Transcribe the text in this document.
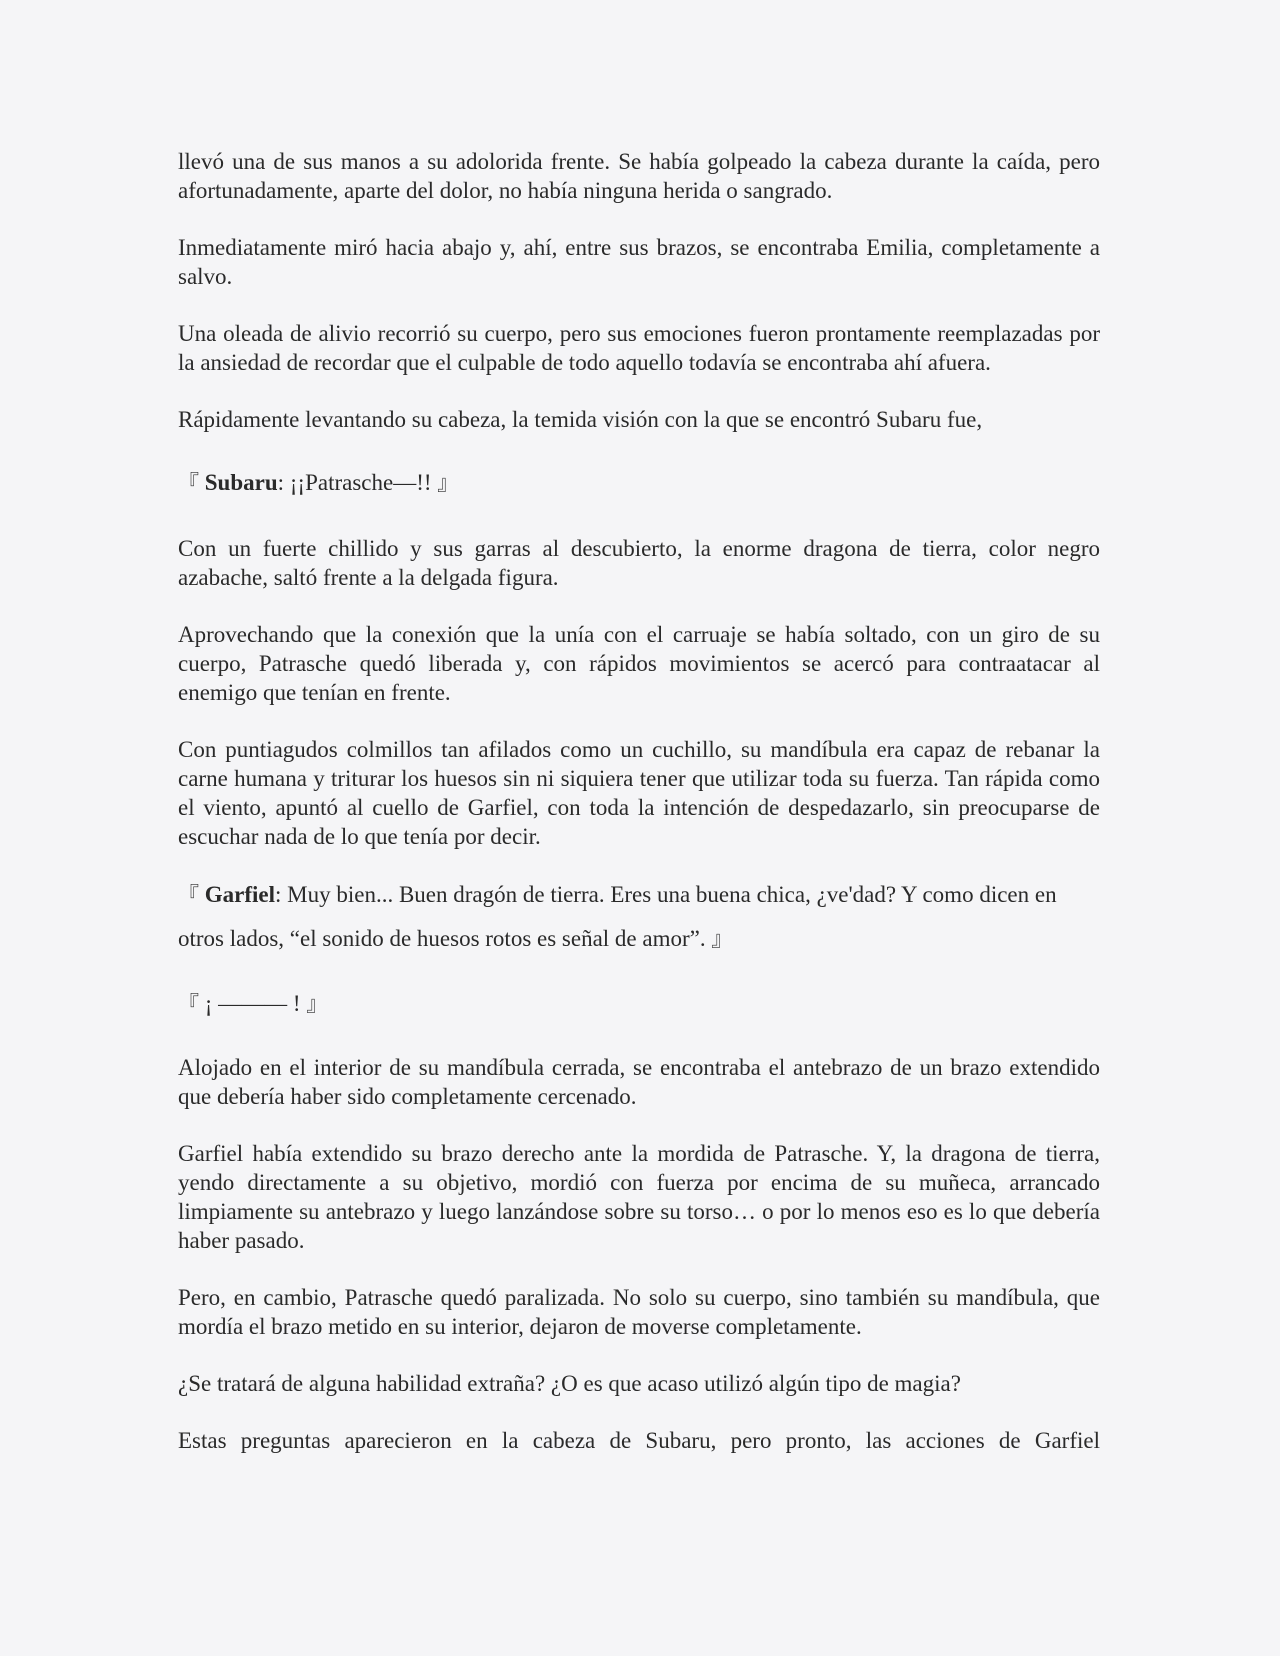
llevó una de sus manos a su adolorida frente. Se había golpeado la cabeza durante la caída, pero afortunadamente, aparte del dolor, no había ninguna herida o sangrado.

Inmediatamente miró hacia abajo y, ahí, entre sus brazos, se encontraba Emilia, completamente a salvo.

Una oleada de alivio recorrió su cuerpo, pero sus emociones fueron prontamente reemplazadas por la ansiedad de recordar que el culpable de todo aquello todavía se encontraba ahí afuera.

Rápidamente levantando su cabeza, la temida visión con la que se encontró Subaru fue,

『 Subaru: ¡¡Patrasche—!! 』

Con un fuerte chillido y sus garras al descubierto, la enorme dragona de tierra, color negro azabache, saltó frente a la delgada figura.

Aprovechando que la conexión que la unía con el carruaje se había soltado, con un giro de su cuerpo, Patrasche quedó liberada y, con rápidos movimientos se acercó para contraatacar al enemigo que tenían en frente.

Con puntiagudos colmillos tan afilados como un cuchillo, su mandíbula era capaz de rebanar la carne humana y triturar los huesos sin ni siquiera tener que utilizar toda su fuerza. Tan rápida como el viento, apuntó al cuello de Garfiel, con toda la intención de despedazarlo, sin preocuparse de escuchar nada de lo que tenía por decir.

『 Garfiel: Muy bien... Buen dragón de tierra. Eres una buena chica, ¿ve'dad? Y como dicen en otros lados, “el sonido de huesos rotos es señal de amor”. 』

『 ¡ ——— ! 』

Alojado en el interior de su mandíbula cerrada, se encontraba el antebrazo de un brazo extendido que debería haber sido completamente cercenado.

Garfiel había extendido su brazo derecho ante la mordida de Patrasche. Y, la dragona de tierra, yendo directamente a su objetivo, mordió con fuerza por encima de su muñeca, arrancado limpiamente su antebrazo y luego lanzándose sobre su torso… o por lo menos eso es lo que debería haber pasado.

Pero, en cambio, Patrasche quedó paralizada. No solo su cuerpo, sino también su mandíbula, que mordía el brazo metido en su interior, dejaron de moverse completamente.

¿Se tratará de alguna habilidad extraña? ¿O es que acaso utilizó algún tipo de magia?

Estas preguntas aparecieron en la cabeza de Subaru, pero pronto, las acciones de Garfiel
